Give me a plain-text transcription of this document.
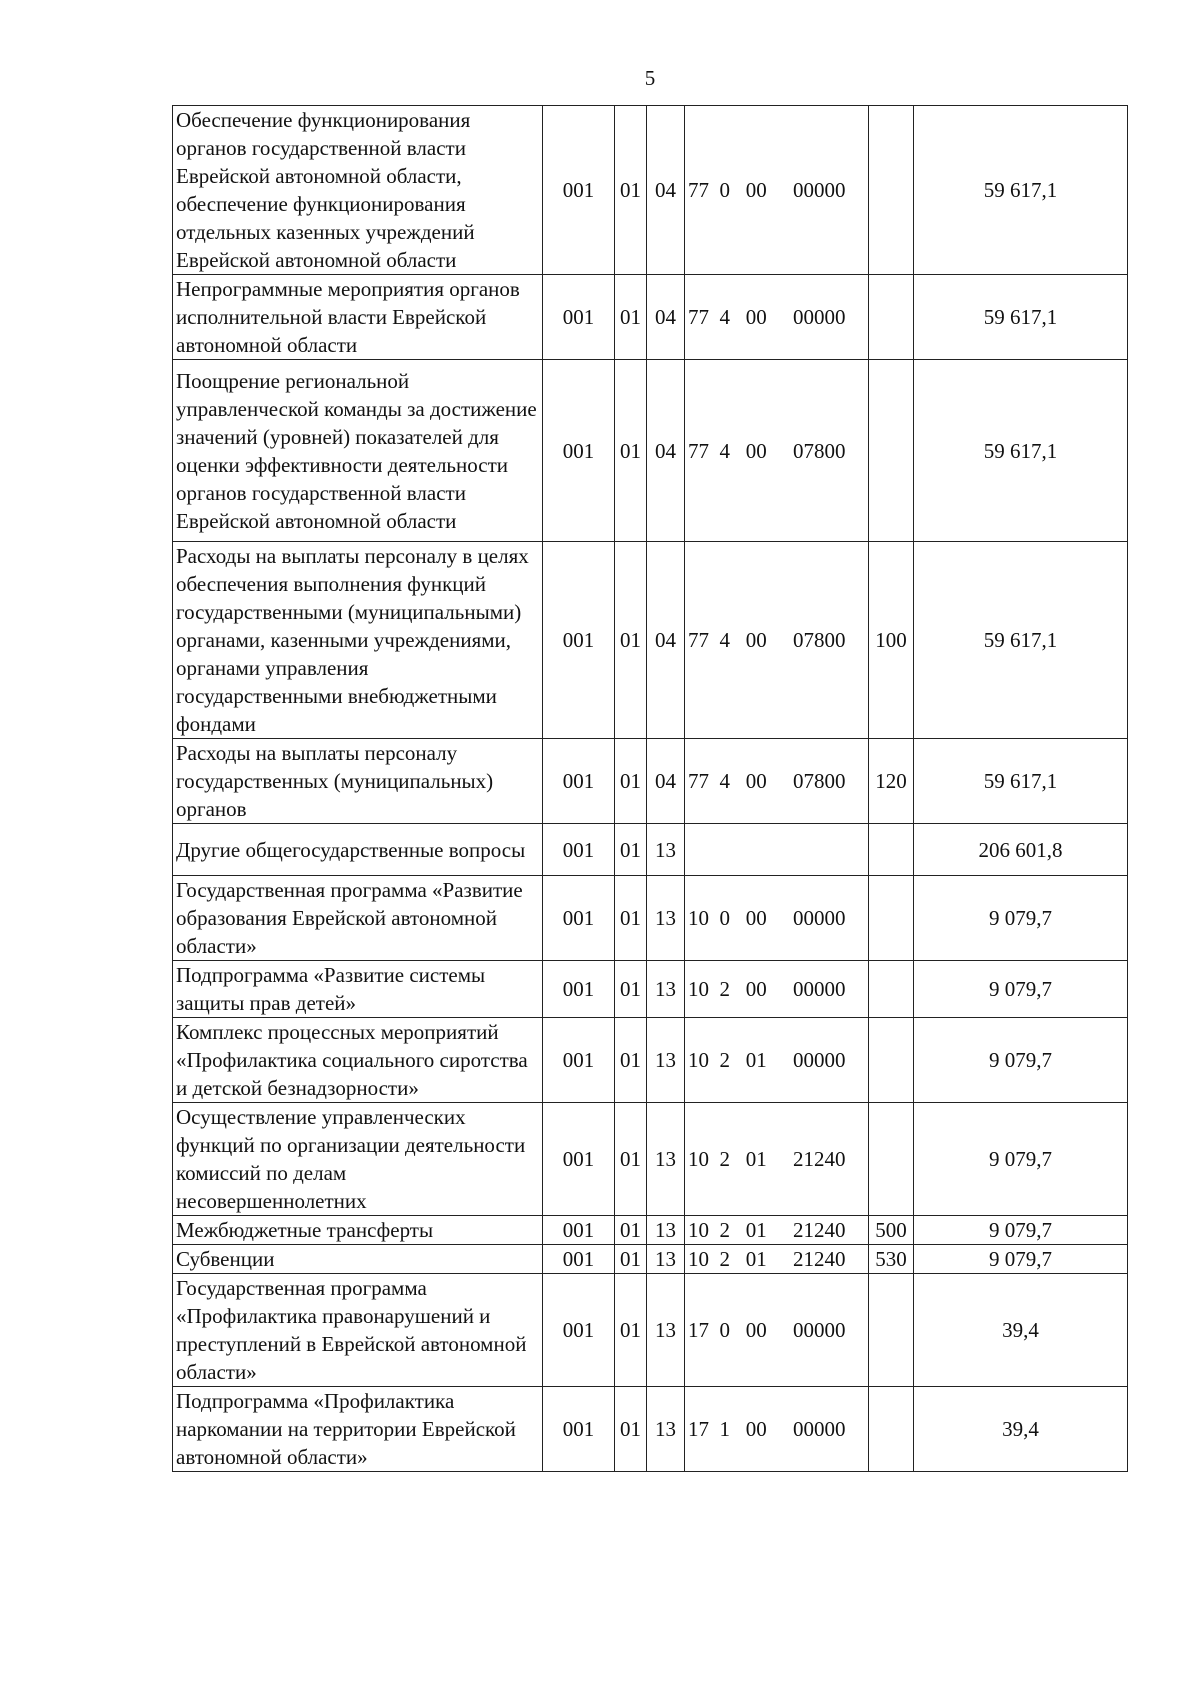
5
Обеспечение функционирования органов государственной власти Еврейской автономной области, обеспечение функционирования отдельных казенных учреждений Еврейской автономной области	001	01	04	77  0   00     00000		59 617,1
Непрограммные мероприятия органов исполнительной власти Еврейской автономной области	001	01	04	77  4   00     00000		59 617,1
Поощрение региональной управленческой команды за достижение значений (уровней) показателей для оценки эффективности деятельности органов государственной власти Еврейской автономной области	001	01	04	77  4   00     07800		59 617,1
Расходы на выплаты персоналу в целях обеспечения выполнения функций государственными (муниципальными) органами, казенными учреждениями, органами управления государственными внебюджетными фондами	001	01	04	77  4   00     07800	100	59 617,1
Расходы на выплаты персоналу государственных (муниципальных) органов	001	01	04	77  4   00     07800	120	59 617,1
Другие общегосударственные вопросы	001	01	13			206 601,8
Государственная программа «Развитие образования Еврейской автономной области»	001	01	13	10  0   00     00000		9 079,7
Подпрограмма «Развитие системы защиты прав детей»	001	01	13	10  2   00     00000		9 079,7
Комплекс процессных мероприятий «Профилактика социального сиротства и детской безнадзорности»	001	01	13	10  2   01     00000		9 079,7
Осуществление управленческих функций по организации деятельности комиссий по делам несовершеннолетних	001	01	13	10  2   01     21240		9 079,7
Межбюджетные трансферты	001	01	13	10  2   01     21240	500	9 079,7
Субвенции	001	01	13	10  2   01     21240	530	9 079,7
Государственная программа «Профилактика правонарушений и преступлений в Еврейской автономной области»	001	01	13	17  0   00     00000		39,4
Подпрограмма «Профилактика наркомании на территории Еврейской автономной области»	001	01	13	17  1   00     00000		39,4
